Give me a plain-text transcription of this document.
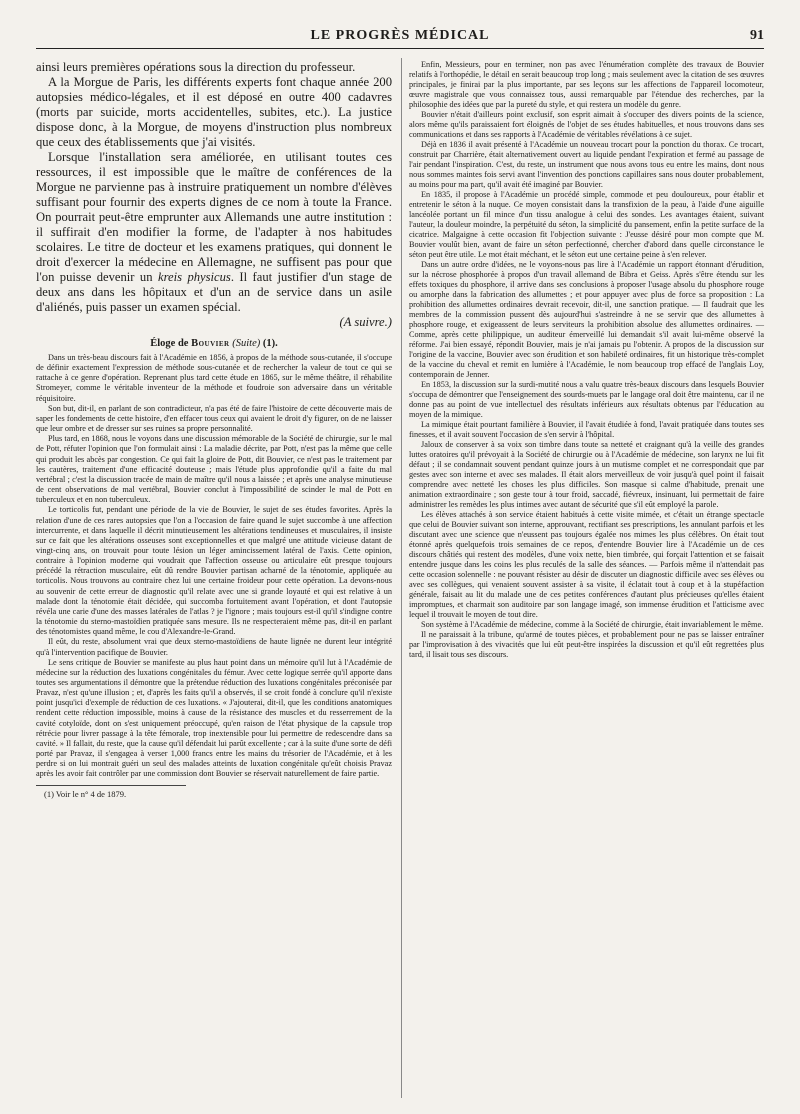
LE PROGRÈS MÉDICAL	91

ainsi leurs premières opérations sous la direction du professeur.

A la Morgue de Paris, les différents experts font chaque année 200 autopsies médico-légales, et il est déposé en outre 400 cadavres (morts par suicide, morts accidentelles, subites, etc.). La justice dispose donc, à la Morgue, de moyens d'instruction plus nombreux que ceux des établissements que j'ai visités.

Lorsque l'installation sera améliorée, en utilisant toutes ces ressources, il est impossible que le maître de conférences de la Morgue ne parvienne pas à instruire pratiquement un nombre d'élèves suffisant pour fournir des experts dignes de ce nom à toute la France. On pourrait peut-être emprunter aux Allemands une autre institution : il suffirait d'en modifier la forme, de l'adapter à nos habitudes scolaires. Le titre de docteur et les examens pratiques, qui donnent le droit d'exercer la médecine en Allemagne, ne suffisent pas pour que l'on puisse devenir un kreis physicus. Il faut justifier d'un stage de deux ans dans les hôpitaux et d'un an de service dans un asile d'aliénés, puis passer un examen spécial.

(A suivre.)

Éloge de Bouvier (Suite) (1).

Dans un très-beau discours fait à l'Académie en 1856, à propos de la méthode sous-cutanée, il s'occupe de définir exactement l'expression de méthode sous-cutanée et de rechercher la valeur de tout ce qui se rattache à ce genre d'opération. Reprenant plus tard cette étude en 1865, sur le même théâtre, il réhabilite Stromeyer, comme le véritable inventeur de la méthode et foudroie son adversaire dans un véritable réquisitoire.

Son but, dit-il, en parlant de son contradicteur, n'a pas été de faire l'histoire de cette découverte mais de saper les fondements de cette histoire, d'en effacer tous ceux qui avaient le droit d'y figurer, on de ne laisser que leur ombre et de dresser sur ses ruines sa propre personnalité.

Plus tard, en 1868, nous le voyons dans une discussion mémorable de la Société de chirurgie, sur le mal de Pott, réfuter l'opinion que l'on formulait ainsi : La maladie décrite, par Pott, n'est pas la même que celle qui produit les abcès par congestion. Ce qui fait la gloire de Pott, dit Bouvier, ce n'est pas le traitement par les cautères, traitement d'une efficacité douteuse ; mais l'étude plus approfondie qu'il a faite du mal vertébral ; c'est la discussion tracée de main de maître qu'il nous a laissée ; et après une analyse minutieuse de cent observations de mal vertébral, Bouvier conclut à l'impossibilité de scinder le mal de Pott en tuberculeux et en non tuberculeux.

Le torticolis fut, pendant une période de la vie de Bouvier, le sujet de ses études favorites. Après la relation d'une de ces rares autopsies que l'on a l'occasion de faire quand le sujet succombe à une affection intercurrente, et dans laquelle il décrit minutieusement les altérations tendineuses et musculaires, il insiste sur ce fait que les altérations osseuses sont exceptionnelles et que malgré une attitude vicieuse datant de vingt-cinq ans, on trouvait pour toute lésion un léger amincissement latéral de l'axis. Cette opinion, contraire à l'opinion moderne qui voudrait que l'affection osseuse ou articulaire eût presque toujours précédé la rétraction musculaire, eût dû rendre Bouvier partisan acharné de la ténotomie, appliquée au torticolis. Nous trouvons au contraire chez lui une certaine froideur pour cette opération. La devons-nous au souvenir de cette erreur de diagnostic qu'il relate avec une si grande loyauté et qui est relative à un malade dont la ténotomie était décidée, qui succomba fortuitement avant l'opération, et dont l'autopsie révéla une carie d'une des masses latérales de l'atlas ? je l'ignore ; mais toujours est-il qu'il s'indigne contre la ténotomie du sterno-mastoïdien pratiquée sans mesure. Ils ne respecteraient même pas, dit-il en parlant des ténotomistes quand même, le cou d'Alexandre-le-Grand.

Il eût, du reste, absolument vrai que deux sterno-mastoïdiens de haute lignée ne durent leur intégrité qu'à l'intervention pacifique de Bouvier.

Le sens critique de Bouvier se manifeste au plus haut point dans un mémoire qu'il lut à l'Académie de médecine sur la réduction des luxations congénitales du fémur. Avec cette logique serrée qu'il apporte dans toutes ses argumentations il démontre que la prétendue réduction des luxations congénitales préconisée par Pravaz, n'est qu'une illusion ; et, d'après les faits qu'il a observés, il se croit fondé à conclure qu'il n'existe point jusqu'ici d'exemple de réduction de ces luxations. « J'ajouterai, dit-il, que les conditions anatomiques rendent cette réduction impossible, moins à cause de la résistance des muscles et du resserrement de la cavité cotyloïde, dont on s'est uniquement préoccupé, qu'en raison de l'état physique de la capsule trop rétrécie pour livrer passage à la tête fémorale, trop inextensible pour lui permettre de redescendre dans sa cavité. » Il fallait, du reste, que la cause qu'il défendait lui parût excellente ; car à la suite d'une sorte de défi porté par Pravaz, il s'engagea à verser 1,000 francs entre les mains du trésorier de l'Académie, et à les perdre si on lui montrait guéri un seul des malades atteints de luxation congénitale qu'eût choisis Pravaz après les avoir fait contrôler par une commission dont Bouvier se réservait naturellement de faire partie.

(1) Voir le n° 4 de 1879.

Enfin, Messieurs, pour en terminer, non pas avec l'énumération complète des travaux de Bouvier relatifs à l'orthopédie, le détail en serait beaucoup trop long ; mais seulement avec la citation de ses œuvres principales, je finirai par la plus importante, par ses leçons sur les affections de l'appareil locomoteur, œuvre magistrale que vous connaissez tous, aussi remarquable par l'étendue des recherches, par la philosophie des idées que par la pureté du style, et qui restera un modèle du genre.

Bouvier n'était d'ailleurs point exclusif, son esprit aimait à s'occuper des divers points de la science, alors même qu'ils paraissaient fort éloignés de l'objet de ses études habituelles, et nous trouvons dans ses communications et dans ses rapports à l'Académie de véritables révélations à ce sujet.

Déjà en 1836 il avait présenté à l'Académie un nouveau trocart pour la ponction du thorax. Ce trocart, construit par Charrière, était alternativement ouvert au liquide pendant l'expiration et fermé au passage de l'air pendant l'inspiration. C'est, du reste, un instrument que nous avons tous eu entre les mains, dont nous nous sommes maintes fois servi avant l'invention des ponctions capillaires sans nous douter probablement, au moins pour ma part, qu'il avait été imaginé par Bouvier.

En 1835, il propose à l'Académie un procédé simple, commode et peu douloureux, pour établir et entretenir le séton à la nuque. Ce moyen consistait dans la transfixion de la peau, à l'aide d'une aiguille lancéolée portant un fil mince d'un tissu analogue à celui des sondes. Les avantages étaient, suivant l'auteur, la douleur moindre, la perpétuité du séton, la simplicité du pansement, enfin la petite surface de la cicatrice. Malgaigne à cette occasion fit l'objection suivante : J'eusse désiré pour mon compte que M. Bouvier voulût bien, avant de faire un séton perfectionné, chercher d'abord dans quelle circonstance le séton peut être utile. Le mot était méchant, et le séton eut une certaine peine à s'en relever.

Dans un autre ordre d'idées, ne le voyons-nous pas lire à l'Académie un rapport étonnant d'érudition, sur la nécrose phosphorée à propos d'un travail allemand de Bibra et Geiss. Après s'être étendu sur les effets toxiques du phosphore, il arrive dans ses conclusions à proposer l'usage absolu du phosphore rouge ou amorphe dans la fabrication des allumettes ; et pour appuyer avec plus de force sa proposition : La prohibition des allumettes ordinaires devrait recevoir, dit-il, une sanction pratique. — Il faudrait que les membres de la commission pussent dès aujourd'hui s'astreindre à ne se servir que des allumettes à phosphore rouge, et exigeassent de leurs serviteurs la prohibition absolue des allumettes ordinaires. — Comme, après cette philippique, un auditeur émerveillé lui demandait s'il avait lui-même observé la réforme. J'ai bien essayé, répondit Bouvier, mais je n'ai jamais pu l'obtenir. A propos de la discussion sur l'origine de la vaccine, Bouvier avec son érudition et son habileté ordinaires, fit un historique très-complet de la vaccine du cheval et remit en lumière à l'Académie, le nom beaucoup trop effacé de l'anglais Loy, contemporain de Jenner.

En 1853, la discussion sur la surdi-mutité nous a valu quatre très-beaux discours dans lesquels Bouvier s'occupa de démontrer que l'enseignement des sourds-muets par le langage oral doit être maintenu, car il ne donne pas au point de vue intellectuel des résultats inférieurs aux résultats obtenus par l'éducation au moyen de la mimique.

La mimique était pourtant familière à Bouvier, il l'avait étudiée à fond, l'avait pratiquée dans toutes ses finesses, et il avait souvent l'occasion de s'en servir à l'hôpital.

Jaloux de conserver à sa voix son timbre dans toute sa netteté et craignant qu'à la veille des grandes luttes oratoires qu'il prévoyait à la Société de chirurgie ou à l'Académie de médecine, son larynx ne lui fit défaut ; il se condamnait souvent pendant quinze jours à un mutisme complet et ne correspondait que par gestes avec son interne et avec ses malades. Il était alors merveilleux de voir jusqu'à quel point il faisait comprendre avec netteté les choses les plus difficiles. Son masque si calme d'habitude, prenait une animation extraordinaire ; son geste tour à tour froid, saccadé, fiévreux, insinuant, lui permettait de faire administrer les remèdes les plus intimes avec autant de sécurité que s'il eût employé la parole.

Les élèves attachés à son service étaient habitués à cette visite mimée, et c'était un étrange spectacle que celui de Bouvier suivant son interne, approuvant, rectifiant ses prescriptions, les annulant parfois et les discutant avec une science que n'eussent pas toujours égalée nos mimes les plus célèbres. On était tout étonné après quelquefois trois semaines de ce repos, d'entendre Bouvier lire à l'Académie un de ces discours châtiés qui restent des modèles, d'une voix nette, bien timbrée, qui forçait l'attention et se faisait entendre jusque dans les coins les plus reculés de la salle des séances. — Parfois même il n'attendait pas cette occasion solennelle : ne pouvant résister au désir de discuter un diagnostic difficile avec ses élèves ou avec ses collègues, qui venaient souvent assister à sa visite, il éclatait tout à coup et à la stupéfaction générale, faisait au lit du malade une de ces petites conférences d'autant plus précieuses qu'elles étaient impromptues, et charmait son auditoire par son langage imagé, son immense érudition et l'atticisme avec lequel il trouvait le moyen de tout dire.

Son système à l'Académie de médecine, comme à la Société de chirurgie, était invariablement le même.

Il ne paraissait à la tribune, qu'armé de toutes pièces, et probablement pour ne pas se laisser entraîner par l'improvisation à des vivacités que lui eût peut-être inspirées la discussion et qu'il eût regrettées plus tard, il lisait tous ses discours.
